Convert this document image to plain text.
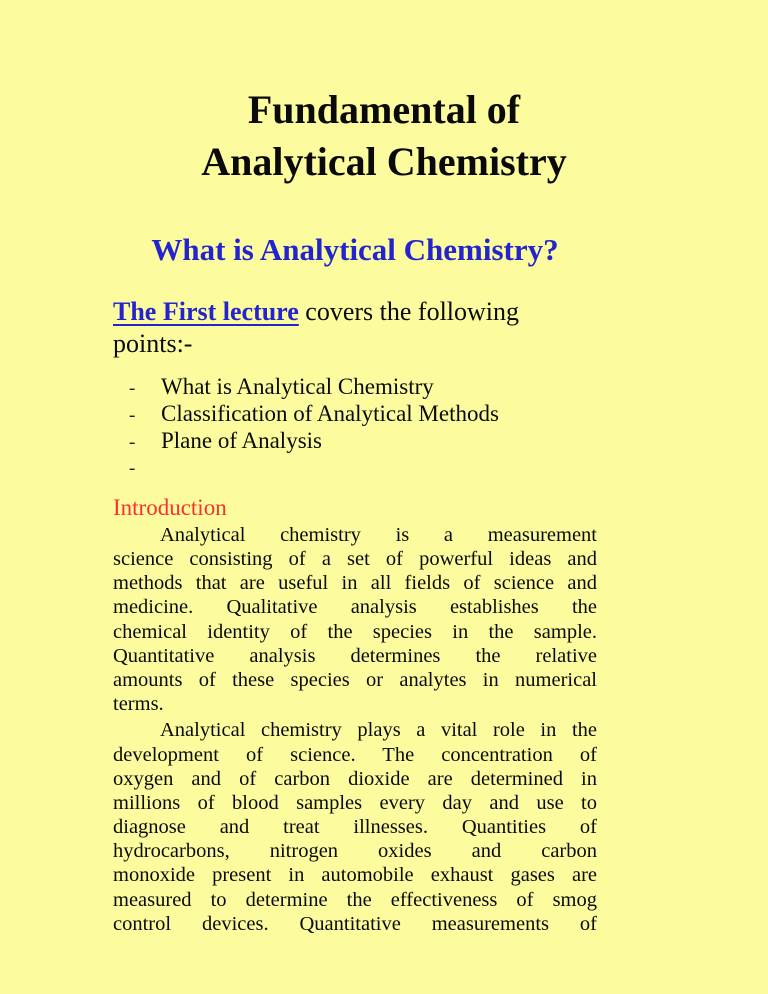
Fundamental of
Analytical Chemistry
What is Analytical Chemistry?
The First lecture covers the following points:-
-	What is Analytical Chemistry
-	Classification of Analytical Methods
-	Plane of Analysis
-
Introduction
Analytical chemistry is a measurement
science consisting of a set of powerful ideas and
methods that are useful in all fields of science and
medicine. Qualitative analysis establishes the
chemical identity of the species in the sample.
Quantitative analysis determines the relative
amounts of these species or analytes in numerical
terms.
Analytical chemistry plays a vital role in the
development of science. The concentration of
oxygen and of carbon dioxide are determined in
millions of blood samples every day and use to
diagnose and treat illnesses. Quantities of
hydrocarbons, nitrogen oxides and carbon
monoxide present in automobile exhaust gases are
measured to determine the effectiveness of smog
control devices. Quantitative measurements of
